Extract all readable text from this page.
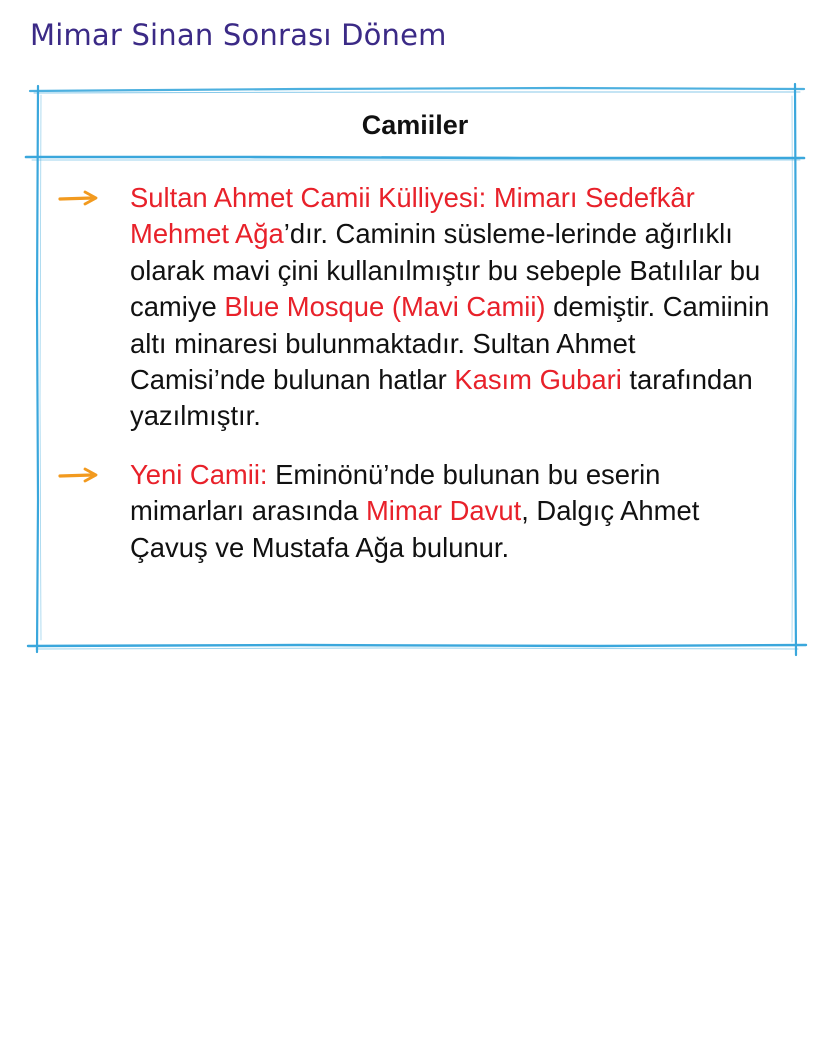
Mimar Sinan Sonrası Dönem
Camiiler
Sultan Ahmet Camii Külliyesi: Mimarı Sedefkâr Mehmet Ağa’dır. Caminin süsleme-lerinde ağırlıklı olarak mavi çini kullanılmıştır bu sebeple Batılılar bu camiye Blue Mosque (Mavi Camii) demiştir. Camiinin altı minaresi bulunmaktadır. Sultan Ahmet Camisi’nde bulunan hatlar Kasım Gubari tarafından yazılmıştır.
Yeni Camii: Eminönü’nde bulunan bu eserin mimarları arasında Mimar Davut, Dalgıç Ahmet Çavuş ve Mustafa Ağa bulunur.
